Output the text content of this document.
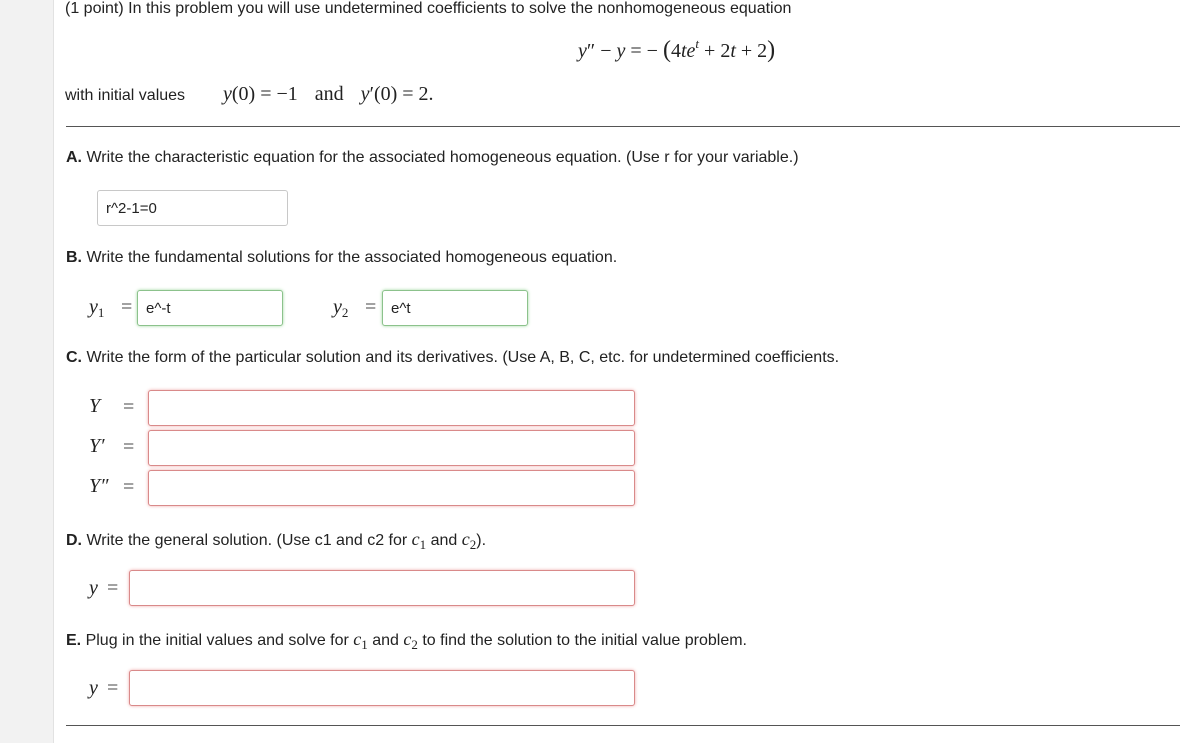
(1 point) In this problem you will use undetermined coefficients to solve the nonhomogeneous equation
y″ − y = − $(4te^t + 2t + 2)$
with initial values y(0) = −1 and y′(0) = 2.
A. Write the characteristic equation for the associated homogeneous equation. (Use r for your variable.)
r^2-1=0
B. Write the fundamental solutions for the associated homogeneous equation.
$y_1$ =
e^-t	$y_2$ =
e^t
C. Write the form of the particular solution and its derivatives. (Use A, B, C, etc. for undetermined coefficients.
Y =
Y′ =
Y″ =
D. Write the general solution. (Use c1 and c2 for $c_1$ and $c_2$).
y =
E. Plug in the initial values and solve for $c_1$ and $c_2$ to find the solution to the initial value problem.
y =
